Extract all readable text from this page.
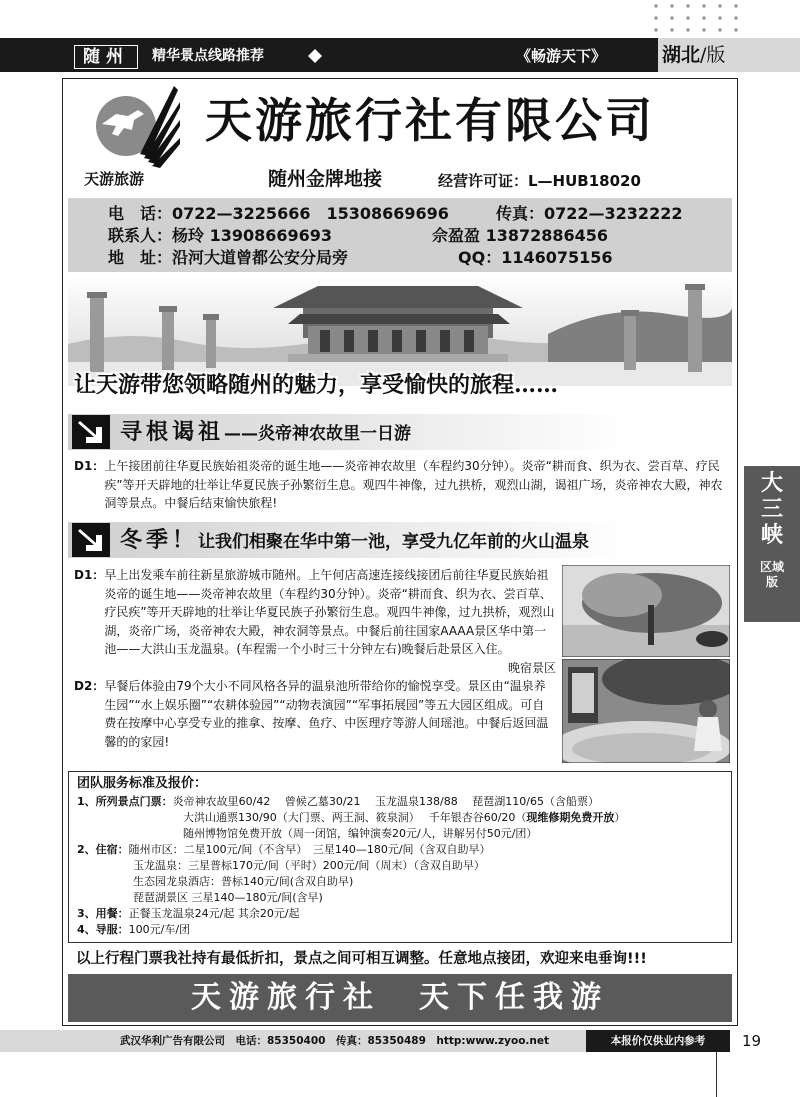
随州	精华景点线路推荐	《畅游天下》	湖北/版
天游旅游
天游旅行社有限公司
随州金牌地接	经营许可证：L—HUB18020
电　话：0722—3225666　15308669696	传真：0722—3232222
联系人：杨玲 13908669693	佘盈盈 13872886456
地　址：沿河大道曾都公安分局旁	QQ：1146075156
让天游带您领略随州的魅力，享受愉快的旅程……
寻根谒祖——炎帝神农故里一日游
D1： 上午接团前往华夏民族始祖炎帝的诞生地——炎帝神农故里（车程约30分钟）。炎帝“耕而食、织为衣、尝百草、疗民疾”等开天辟地的壮举让华夏民族子孙繁衍生息。观四牛神像，过九拱桥，观烈山湖，谒祖广场，炎帝神农大殿，神农洞等景点。中餐后结束愉快旅程!
大三峡
区域版
冬季！让我们相聚在华中第一池，享受九亿年前的火山温泉
D1： 早上出发乘车前往新星旅游城市随州。上午何店高速连接线接团后前往华夏民族始祖炎帝的诞生地——炎帝神农故里（车程约30分钟）。炎帝“耕而食、织为衣、尝百草、疗民疾”等开天辟地的壮举让华夏民族子孙繁衍生息。观四牛神像，过九拱桥，观烈山湖，炎帝广场，炎帝神农大殿，神农洞等景点。中餐后前往国家AAAA景区华中第一池——大洪山玉龙温泉。(车程需一个小时三十分钟左右)晚餐后赴景区入住。
晚宿景区
D2： 早餐后体验由79个大小不同风格各异的温泉池所带给你的愉悦享受。景区由“温泉养生园”“水上娱乐圈”“农耕体验园”“动物表演园”“军事拓展园”等五大园区组成。可自费在按摩中心享受专业的推拿、按摩、鱼疗、中医理疗等游人间瑶池。中餐后返回温馨的的家园!
团队服务标准及报价：
1、所列景点门票：炎帝神农故里60/42　 曾候乙墓30/21　 玉龙温泉138/88　 琵琶湖110/65（含船票）
大洪山通票130/90（大门票、两王洞、筱泉洞）　 千年银杏谷60/20（现维修期免费开放）
随州博物馆免费开放（周一闭馆，编钟演奏20元/人，讲解另付50元/团）
2、住宿：随州市区：二星100元/间（不含早）　三星140—180元/间（含双自助早）
玉龙温泉：三星普标170元/间（平时）200元/间（周末）（含双自助早）
生态园龙泉酒店：普标140元/间(含双自助早)
琵琶湖景区 三星140—180元/间(含早)
3、用餐：正餐玉龙温泉24元/起 其余20元/起
4、导服：100元/车/团
以上行程门票我社持有最低折扣，景点之间可相互调整。任意地点接团，欢迎来电垂询!!!
天游旅行社　天下任我游
武汉华利广告有限公司　电话：85350400　传真：85350489　http:www.zyoo.net	本报价仅供业内参考	19
